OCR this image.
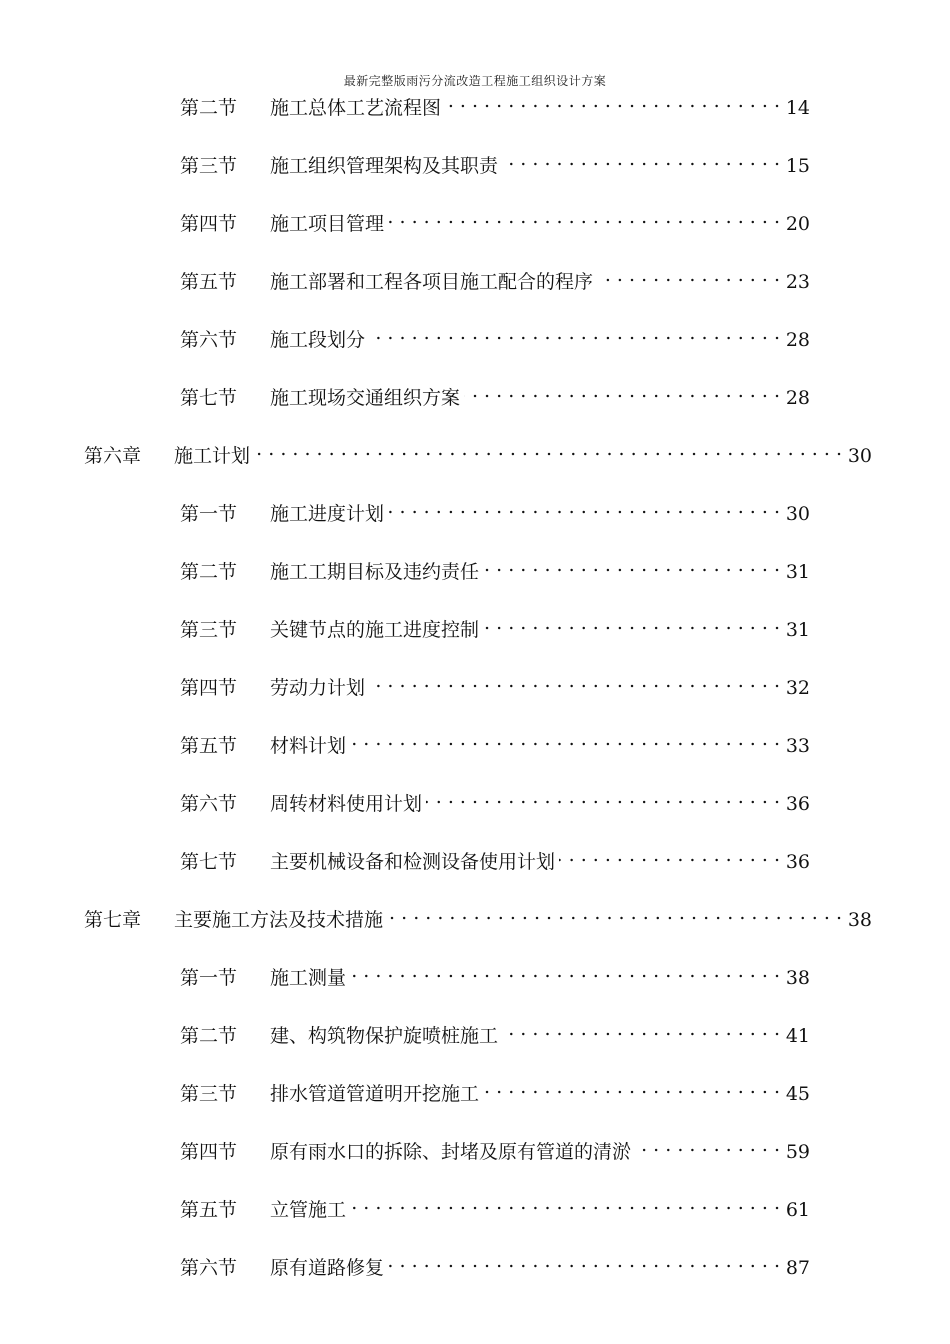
最新完整版雨污分流改造工程施工组织设计方案
第二节	施工总体工艺流程图 . . .	14
第三节	施工组织管理架构及其职责 . . .	15
第四节	施工项目管理 . . .	20
第五节	施工部署和工程各项目施工配合的程序 . . .	23
第六节	施工段划分 . . .	28
第七节	施工现场交通组织方案 . . .	28
第六章	施工计划 . . .	30
第一节	施工进度计划 . . .	30
第二节	施工工期目标及违约责任 . . .	31
第三节	关键节点的施工进度控制 . . .	31
第四节	劳动力计划 . . .	32
第五节	材料计划 . . .	33
第六节	周转材料使用计划 . . .	36
第七节	主要机械设备和检测设备使用计划 . . .	36
第七章	主要施工方法及技术措施 . . .	38
第一节	施工测量 . . .	38
第二节	建、构筑物保护旋喷桩施工 . . .	41
第三节	排水管道管道明开挖施工 . . .	45
第四节	原有雨水口的拆除、封堵及原有管道的清淤 . . .	59
第五节	立管施工 . . .	61
第六节	原有道路修复 . . .	87
